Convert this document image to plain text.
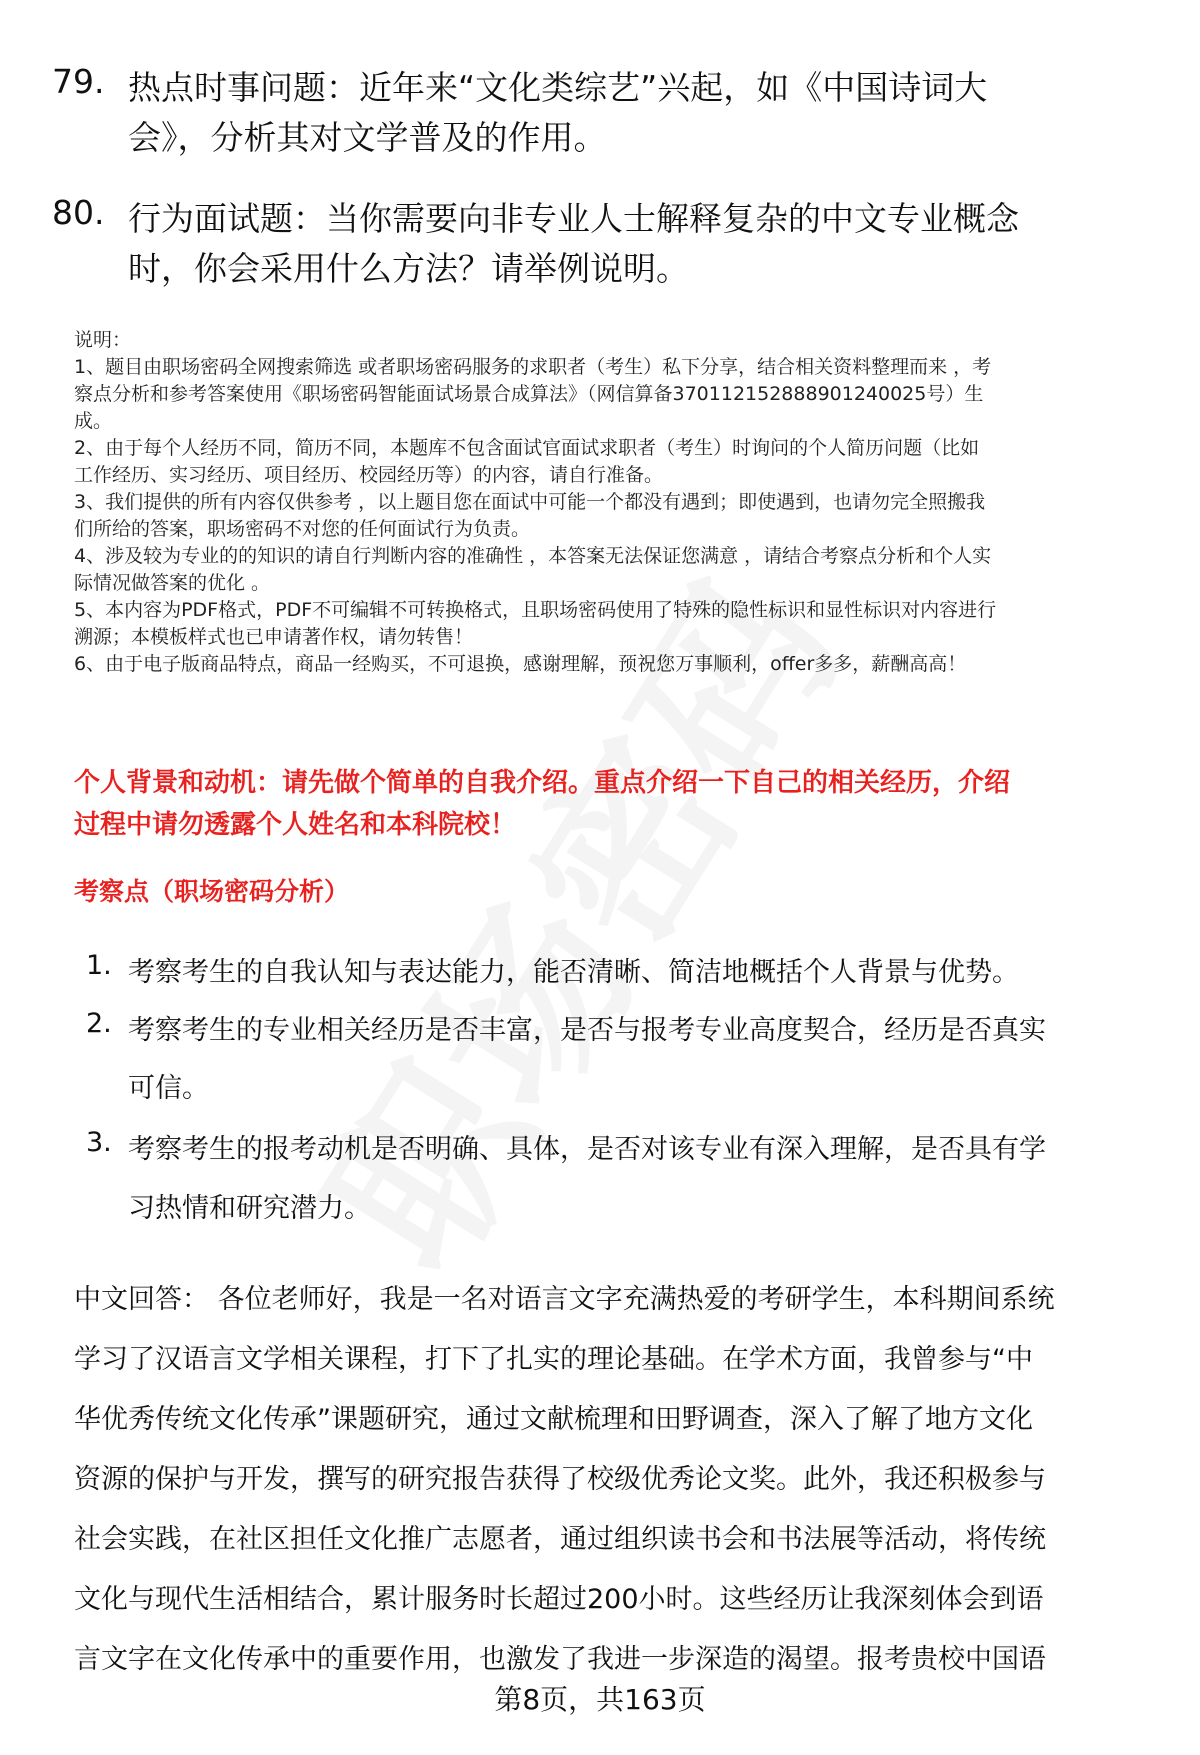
79. 热点时事问题：近年来“文化类综艺”兴起，如《中国诗词大
会》，分析其对文学普及的作用。
80. 行为面试题：当你需要向非专业人士解释复杂的中文专业概念
时，你会采用什么方法？请举例说明。
说明：
1、题目由职场密码全网搜索筛选 或者职场密码服务的求职者（考生）私下分享，结合相关资料整理而来 ，考
察点分析和参考答案使用《职场密码智能面试场景合成算法》（网信算备370112152888901240025号）生
成。
2、由于每个人经历不同，简历不同，本题库不包含面试官面试求职者（考生）时询问的个人简历问题（比如
工作经历、实习经历、项目经历、校园经历等）的内容，请自行准备。
3、我们提供的所有内容仅供参考 ，以上题目您在面试中可能一个都没有遇到；即使遇到，也请勿完全照搬我
们所给的答案，职场密码不对您的任何面试行为负责。
4、涉及较为专业的的知识的请自行判断内容的准确性 ，本答案无法保证您满意 ，请结合考察点分析和个人实
际情况做答案的优化 。
5、本内容为PDF格式，PDF不可编辑不可转换格式，且职场密码使用了特殊的隐性标识和显性标识对内容进行
溯源；本模板样式也已申请著作权，请勿转售！
6、由于电子版商品特点，商品一经购买，不可退换，感谢理解，预祝您万事顺利，offer多多，薪酬高高！
个人背景和动机：请先做个简单的自我介绍。重点介绍一下自己的相关经历，介绍
过程中请勿透露个人姓名和本科院校！
考察点（职场密码分析）
1. 考察考生的自我认知与表达能力，能否清晰、简洁地概括个人背景与优势。
2. 考察考生的专业相关经历是否丰富，是否与报考专业高度契合，经历是否真实
可信。
3. 考察考生的报考动机是否明确、具体，是否对该专业有深入理解，是否具有学
习热情和研究潜力。
中文回答： 各位老师好，我是一名对语言文字充满热爱的考研学生，本科期间系统
学习了汉语言文学相关课程，打下了扎实的理论基础。在学术方面，我曾参与“中
华优秀传统文化传承”课题研究，通过文献梳理和田野调查，深入了解了地方文化
资源的保护与开发，撰写的研究报告获得了校级优秀论文奖。此外，我还积极参与
社会实践，在社区担任文化推广志愿者，通过组织读书会和书法展等活动，将传统
文化与现代生活相结合，累计服务时长超过200小时。这些经历让我深刻体会到语
言文字在文化传承中的重要作用，也激发了我进一步深造的渴望。报考贵校中国语
第8页，共163页
